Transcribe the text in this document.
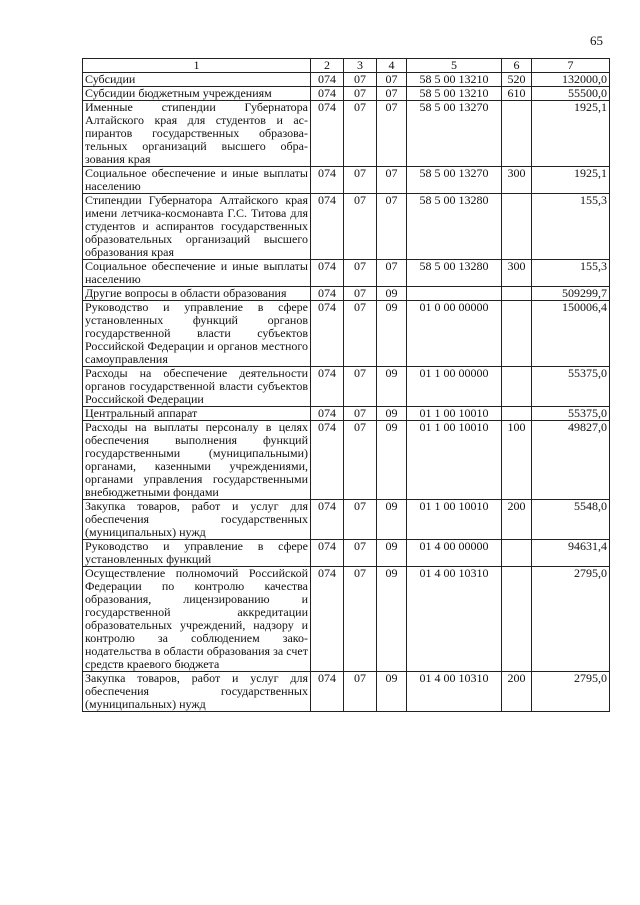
65
1	2	3	4	5	6	7
Субсидии	074	07	07	58 5 00 13210	520	132000,0
Субсидии бюджетным учреждениям	074	07	07	58 5 00 13210	610	55500,0
Именные стипендии Губернатора Алтайского края для студентов и аспирантов государственных образовательных организаций высшего образования края	074	07	07	58 5 00 13270		1925,1
Социальное обеспечение и иные выплаты населению	074	07	07	58 5 00 13270	300	1925,1
Стипендии Губернатора Алтайского края имени летчика-космонавта Г.С. Титова для студентов и аспирантов государственных образовательных организаций высшего образования края	074	07	07	58 5 00 13280		155,3
Социальное обеспечение и иные выплаты населению	074	07	07	58 5 00 13280	300	155,3
Другие вопросы в области образования	074	07	09			509299,7
Руководство и управление в сфере установленных функций органов государственной власти субъектов Российской Федерации и органов местного самоуправления	074	07	09	01 0 00 00000		150006,4
Расходы на обеспечение деятельности органов государственной власти субъектов Российской Федерации	074	07	09	01 1 00 00000		55375,0
Центральный аппарат	074	07	09	01 1 00 10010		55375,0
Расходы на выплаты персоналу в целях обеспечения выполнения функций государственными (муниципальными) органами, казенными учреждениями, органами управления государственными внебюджетными фондами	074	07	09	01 1 00 10010	100	49827,0
Закупка товаров, работ и услуг для обеспечения государственных (муниципальных) нужд	074	07	09	01 1 00 10010	200	5548,0
Руководство и управление в сфере установленных функций	074	07	09	01 4 00 00000		94631,4
Осуществление полномочий Российской Федерации по контролю качества образования, лицензированию и государственной аккредитации образовательных учреждений, надзору и контролю за соблюдением законодательства в области образования за счет средств краевого бюджета	074	07	09	01 4 00 10310		2795,0
Закупка товаров, работ и услуг для обеспечения государственных (муниципальных) нужд	074	07	09	01 4 00 10310	200	2795,0
